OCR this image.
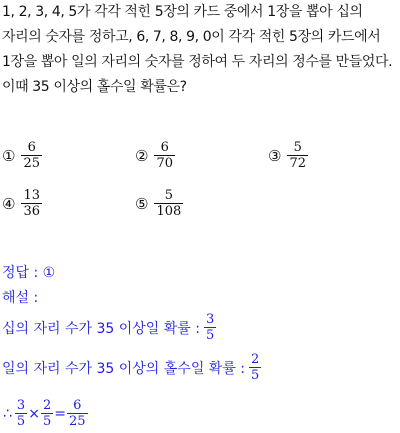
1, 2, 3, 4, 5가 각각 적힌 5장의 카드 중에서 1장을 뽑아 십의
자리의 숫자를 정하고, 6, 7, 8, 9, 0이 각각 적힌 5장의 카드에서
1장을 뽑아 일의 자리의 숫자를 정하여 두 자리의 정수를 만들었다.
이때 35 이상의 홀수일 확률은?
① $\frac{6}{25}$	② $\frac{6}{70}$	③ $\frac{5}{72}$
④ $\frac{13}{36}$	⑤ $\frac{5}{108}$
정답 : ①
해설 :
십의 자리 수가 35 이상일 확률 : $\frac{3}{5}$
일의 자리 수가 35 이상의 홀수일 확률 : $\frac{2}{5}$
∴ $\frac{3}{5} \times \frac{2}{5} = \frac{6}{25}$
